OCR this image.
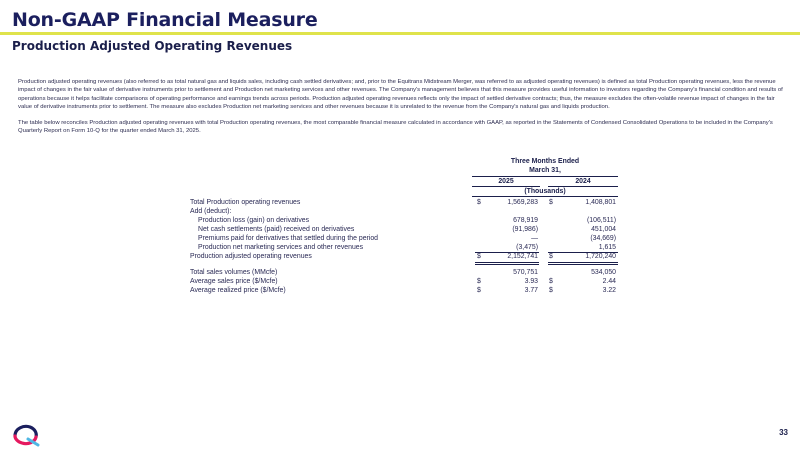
Non-GAAP Financial Measure
Production Adjusted Operating Revenues

Production adjusted operating revenues (also referred to as total natural gas and liquids sales, including cash settled derivatives; and, prior to the Equitrans Midstream Merger, was referred to as adjusted operating revenues) is defined as total Production operating revenues, less the revenue impact of changes in the fair value of derivative instruments prior to settlement and Production net marketing services and other revenues. The Company's management believes that this measure provides useful information to investors regarding the Company's financial condition and results of operations because it helps facilitate comparisons of operating performance and earnings trends across periods. Production adjusted operating revenues reflects only the impact of settled derivative contracts; thus, the measure excludes the often-volatile revenue impact of changes in the fair value of derivative instruments prior to settlement. The measure also excludes Production net marketing services and other revenues because it is unrelated to the revenue from the Company's natural gas and liquids production.

The table below reconciles Production adjusted operating revenues with total Production operating revenues, the most comparable financial measure calculated in accordance with GAAP, as reported in the Statements of Condensed Consolidated Operations to be included in the Company's Quarterly Report on Form 10-Q for the quarter ended March 31, 2025.

Three Months Ended
March 31,
2025	2024
(Thousands)
Total Production operating revenues	$	1,569,283 $	1,408,801
Add (deduct):
Production loss (gain) on derivatives	678,919	(106,511)
Net cash settlements (paid) received on derivatives	(91,986)	451,004
Premiums paid for derivatives that settled during the period	—	(34,669)
Production net marketing services and other revenues	(3,475)	1,615
Production adjusted operating revenues	$	2,152,741 $	1,720,240
Total sales volumes (MMcfe)	570,751	534,050
Average sales price ($/Mcfe)	$	3.93 $	2.44
Average realized price ($/Mcfe)	$	3.77 $	3.22
33
